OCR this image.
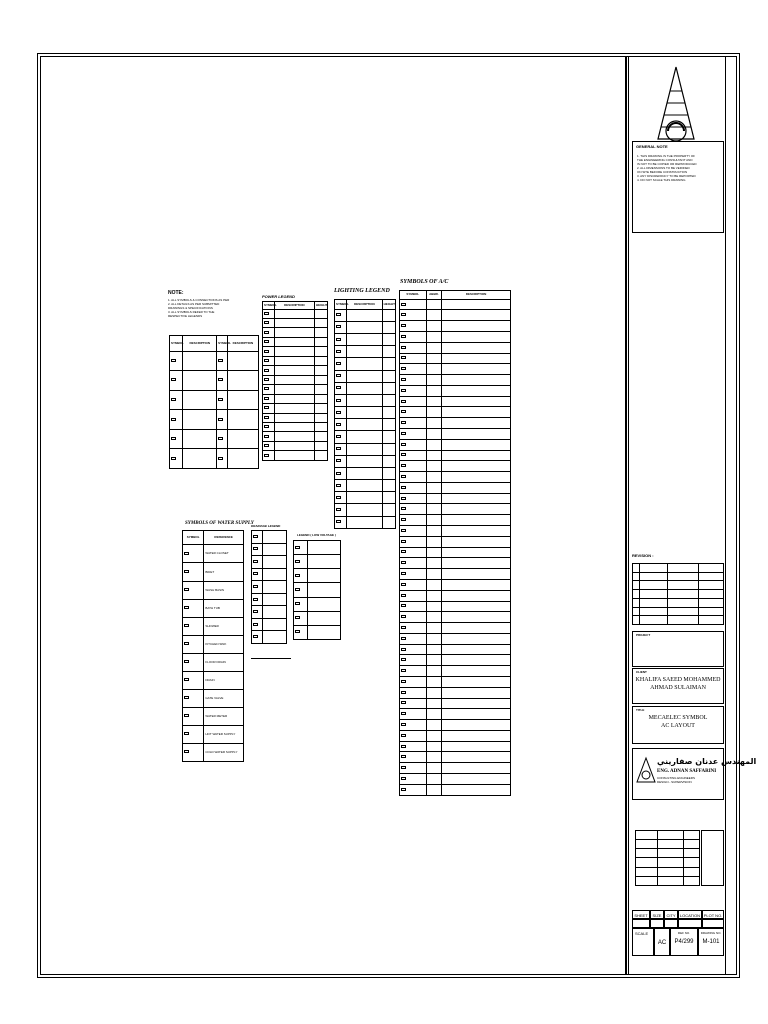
NOTE:
1. ALL SYMBOLS & CONNECTIONS AS PER
2. ALL DETAILS AS PER SUBMITTED
DRAWINGS & SPECIFICATIONS
3. ALL SYMBOLS REFER TO THE
RESPECTIVE LEGENDS
SYMBOL	DESCRIPTION	SYMBOL	DESCRIPTION

POWER LEGEND
SYMBOL	DESCRIPTION	HEIGHT

LIGHTING LEGEND
SYMBOL	DESCRIPTION	HEIGHT

SYMBOLS OF A/C
SYMBOL	ABBR.	DESCRIPTION

SYMBOLS OF WATER SUPPLY
SYMBOL	REFERENCE
	WATER CLOSET
	BIDET
	WASH BASIN
	BATH TUB
	SHOWER
	KITCHEN SINK
	FLOOR DRAIN
	DRAIN
	GATE VALVE
	WATER METER
	HOT WATER SUPPLY
	COLD WATER SUPPLY
DRAINAGE LEGEND

LEGEND ( LOW VOLTAGE )

GENERAL NOTE
1. THIS DRAWING IS THE PROPERTY OF
THE ENGINEERING CONSULTANT AND
IS NOT TO BE COPIED OR REPRODUCED
2. ALL DIMENSIONS TO BE VERIFIED
ON SITE BEFORE CONSTRUCTION
3. ANY DISCREPANCY TO BE REPORTED
4. DO NOT SCALE THIS DRAWING
REVISION :

PROJECT
CLIENT
KHALIFA SAEED MOHAMMED
AHMAD SULAIMAN
TITLE
MECAELEC SYMBOL
AC LAYOUT
المهندس عدنان صفاريني
ENG. ADNAN SAFFARINI
CONSULTING ENGINEERS
DESIGN - SUPERVISION

SHEET	SIZE	CITY	LOCATION PLOT NO.
SCALE
AC
REF NO.
P4/299
DRAWING NO.
M-101
